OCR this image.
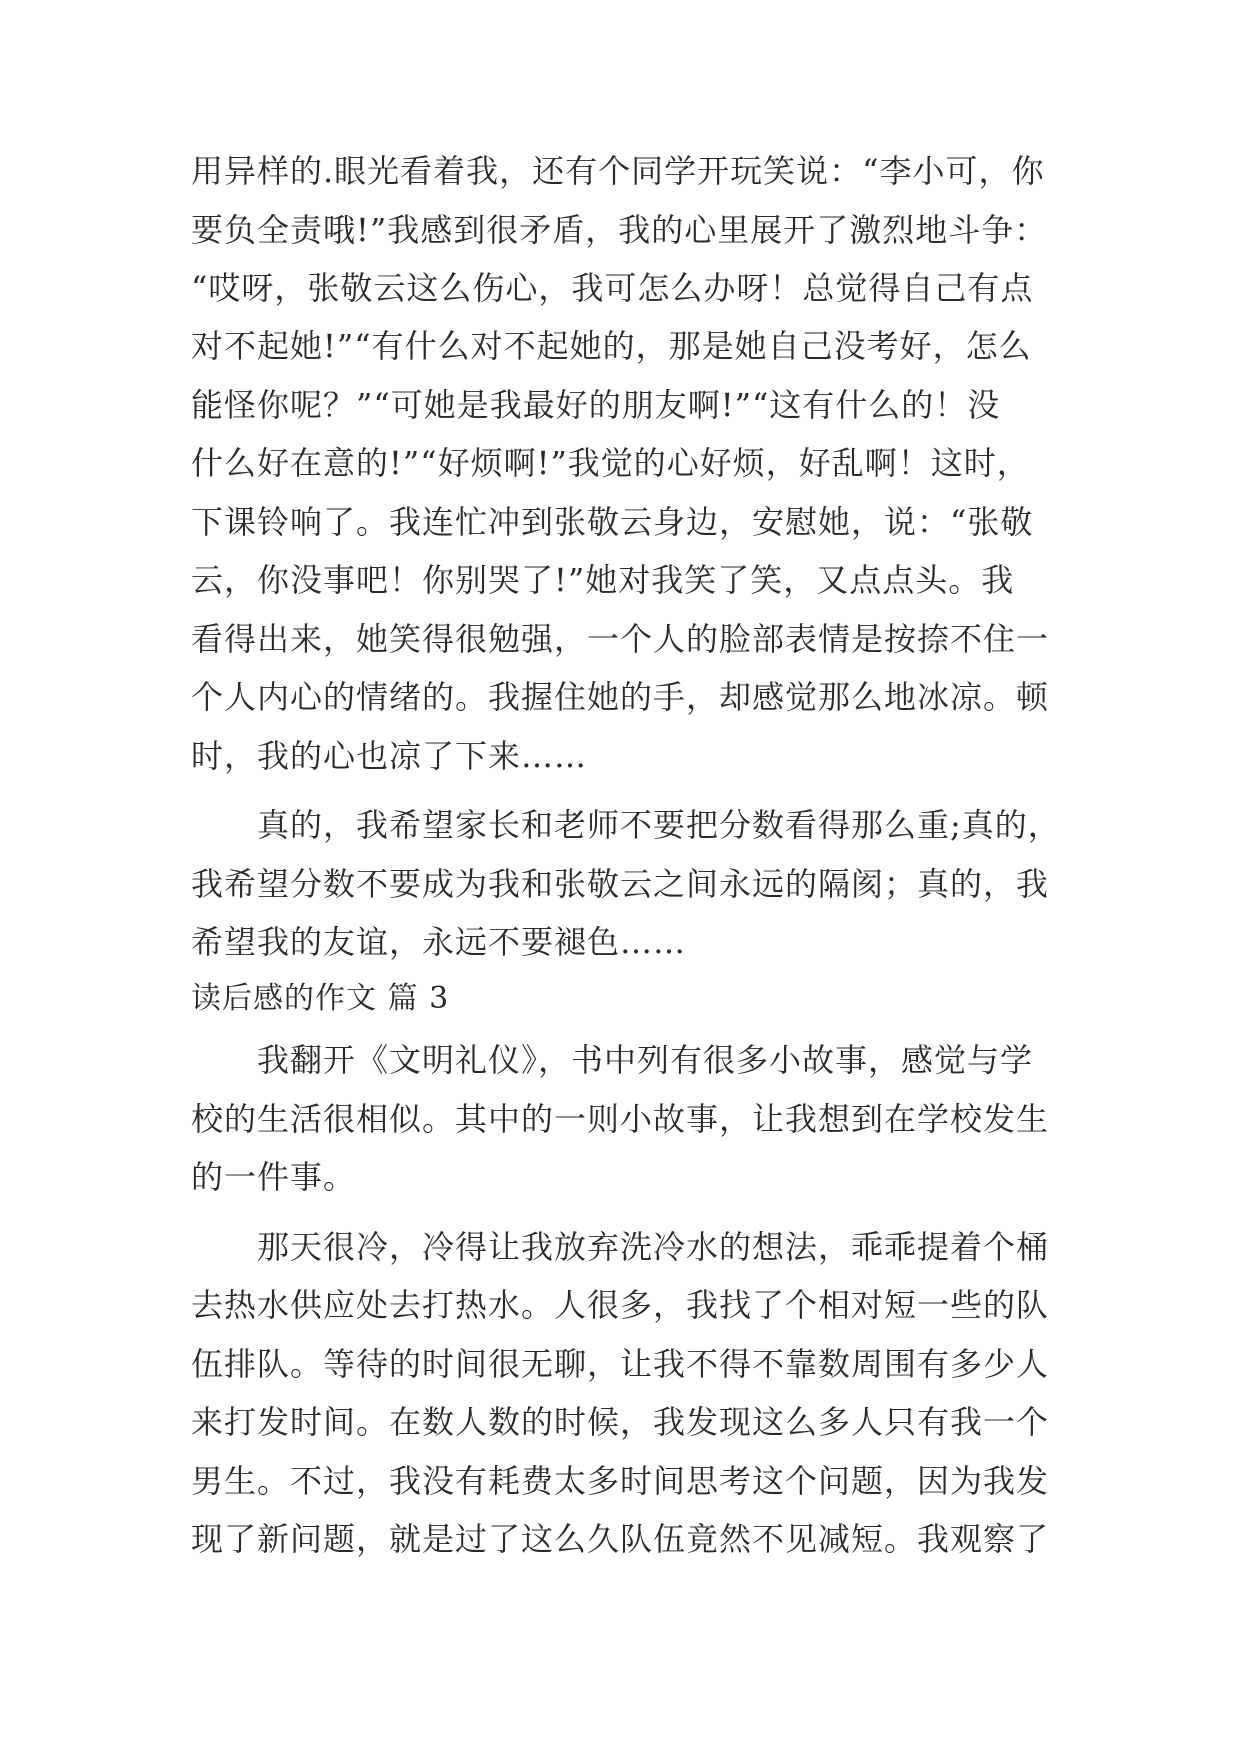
用异样的.眼光看着我，还有个同学开玩笑说：“李小可，你
要负全责哦!”我感到很矛盾，我的心里展开了激烈地斗争：
“哎呀，张敬云这么伤心，我可怎么办呀！总觉得自己有点
对不起她!”“有什么对不起她的，那是她自己没考好，怎么
能怪你呢？”“可她是我最好的朋友啊!”“这有什么的！没
什么好在意的!”“好烦啊!”我觉的心好烦，好乱啊！这时，
下课铃响了。我连忙冲到张敬云身边，安慰她，说：“张敬
云，你没事吧！你别哭了!”她对我笑了笑，又点点头。我
看得出来，她笑得很勉强，一个人的脸部表情是按捺不住一
个人内心的情绪的。我握住她的手，却感觉那么地冰凉。顿
时，我的心也凉了下来……
真的，我希望家长和老师不要把分数看得那么重;真的，
我希望分数不要成为我和张敬云之间永远的隔阂；真的，我
希望我的友谊，永远不要褪色……
读后感的作文 篇 3
我翻开《文明礼仪》，书中列有很多小故事，感觉与学
校的生活很相似。其中的一则小故事，让我想到在学校发生
的一件事。
那天很冷，冷得让我放弃洗冷水的想法，乖乖提着个桶
去热水供应处去打热水。人很多，我找了个相对短一些的队
伍排队。等待的时间很无聊，让我不得不靠数周围有多少人
来打发时间。在数人数的时候，我发现这么多人只有我一个
男生。不过，我没有耗费太多时间思考这个问题，因为我发
现了新问题，就是过了这么久队伍竟然不见减短。我观察了
